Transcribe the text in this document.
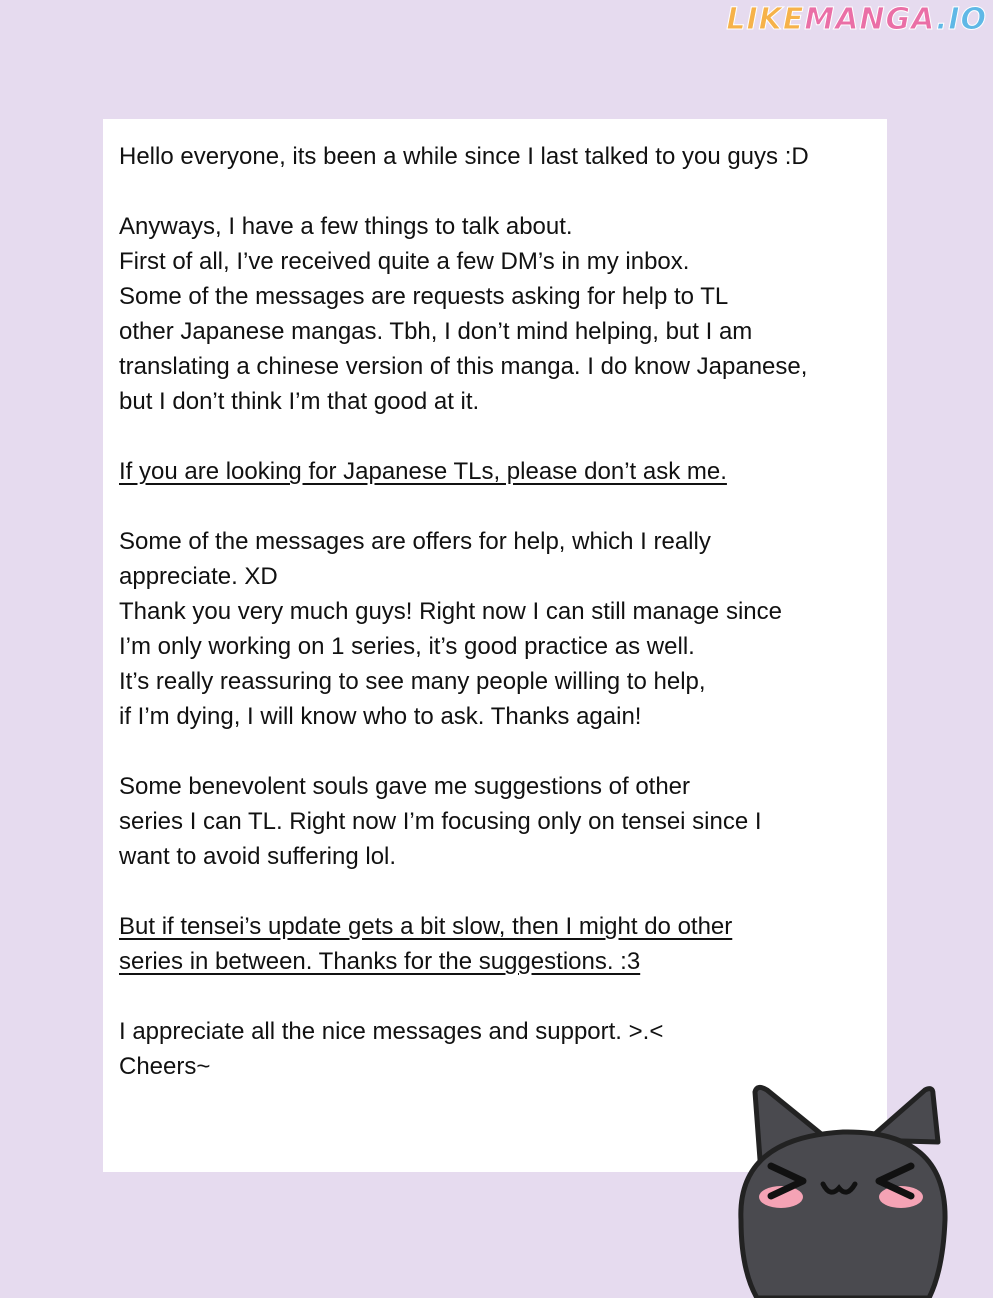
LIKEMANGA.IO

Hello everyone, its been a while since I last talked to you guys :D

Anyways, I have a few things to talk about.

First of all, I’ve received quite a few DM’s in my inbox.

Some of the messages are requests asking for help to TL

other Japanese mangas. Tbh, I don’t mind helping, but I am

translating a chinese version of this manga. I do know Japanese,

but I don’t think I’m that good at it.

If you are looking for Japanese TLs, please don’t ask me.

Some of the messages are offers for help, which I really

appreciate. XD

Thank you very much guys! Right now I can still manage since

I’m only working on 1 series, it’s good practice as well.

It’s really reassuring to see many people willing to help,

if I’m dying, I will know who to ask. Thanks again!

Some benevolent souls gave me suggestions of other

series I can TL. Right now I’m focusing only on tensei since I

want to avoid suffering lol.

But if tensei’s update gets a bit slow, then I might do other

series in between. Thanks for the suggestions. :3

I appreciate all the nice messages and support. >.<

Cheers~
